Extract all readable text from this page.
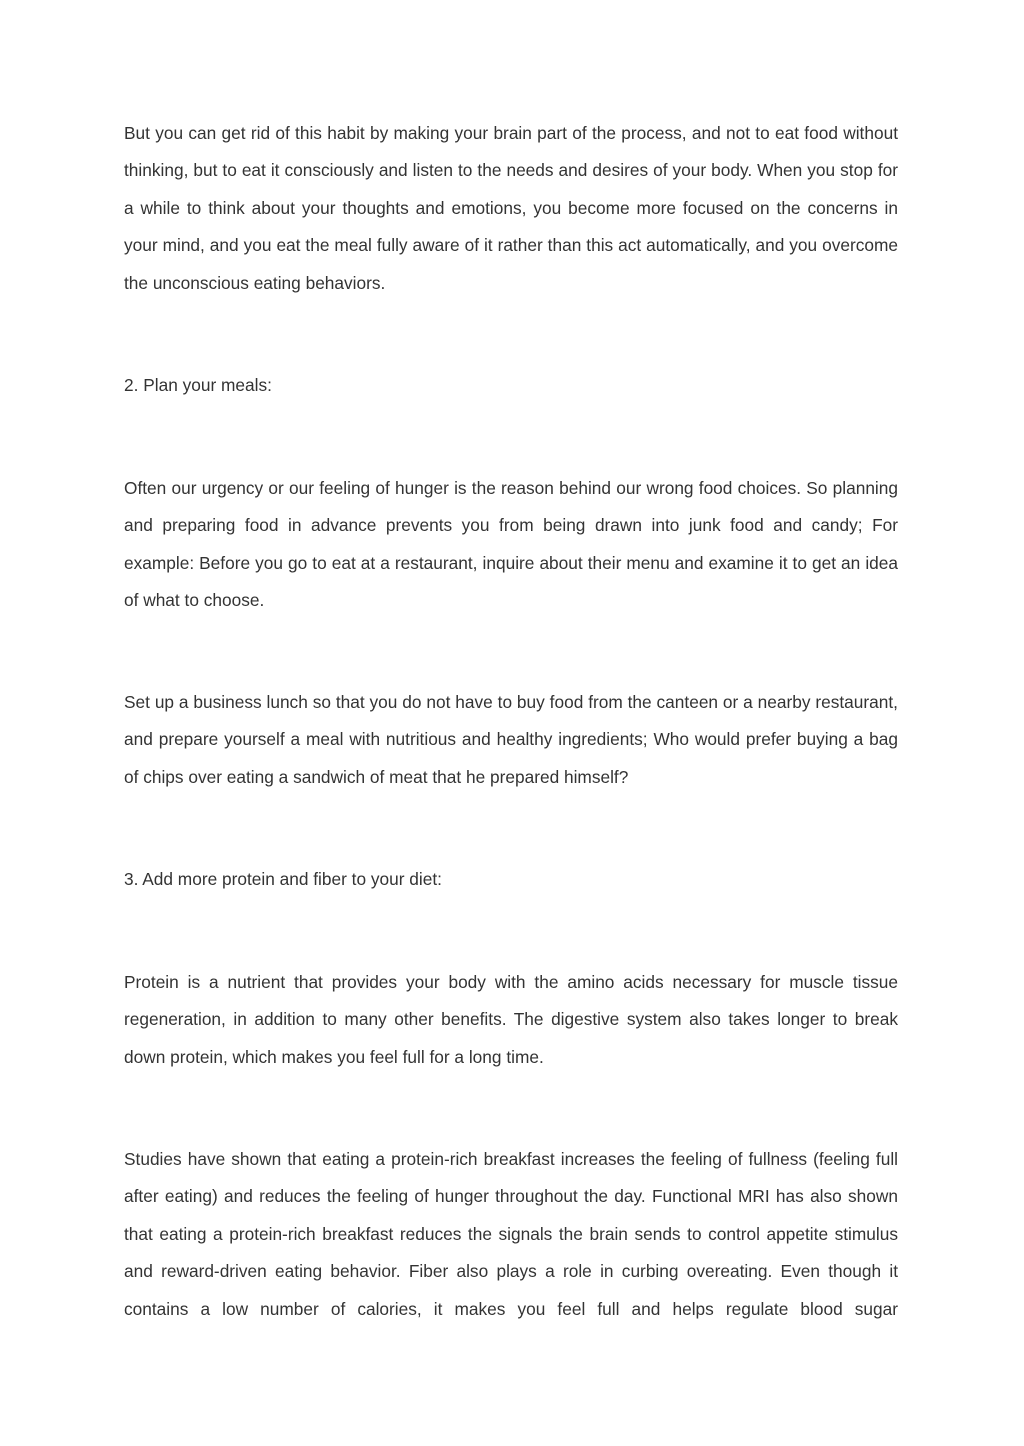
But you can get rid of this habit by making your brain part of the process, and not to eat food without thinking, but to eat it consciously and listen to the needs and desires of your body. When you stop for a while to think about your thoughts and emotions, you become more focused on the concerns in your mind, and you eat the meal fully aware of it rather than this act automatically, and you overcome the unconscious eating behaviors.

2. Plan your meals:

Often our urgency or our feeling of hunger is the reason behind our wrong food choices. So planning and preparing food in advance prevents you from being drawn into junk food and candy; For example: Before you go to eat at a restaurant, inquire about their menu and examine it to get an idea of what to choose.

Set up a business lunch so that you do not have to buy food from the canteen or a nearby restaurant, and prepare yourself a meal with nutritious and healthy ingredients; Who would prefer buying a bag of chips over eating a sandwich of meat that he prepared himself?

3. Add more protein and fiber to your diet:

Protein is a nutrient that provides your body with the amino acids necessary for muscle tissue regeneration, in addition to many other benefits. The digestive system also takes longer to break down protein, which makes you feel full for a long time.

Studies have shown that eating a protein-rich breakfast increases the feeling of fullness (feeling full after eating) and reduces the feeling of hunger throughout the day. Functional MRI has also shown that eating a protein-rich breakfast reduces the signals the brain sends to control appetite stimulus and reward-driven eating behavior. Fiber also plays a role in curbing overeating. Even though it contains a low number of calories, it makes you feel full and helps regulate blood sugar
